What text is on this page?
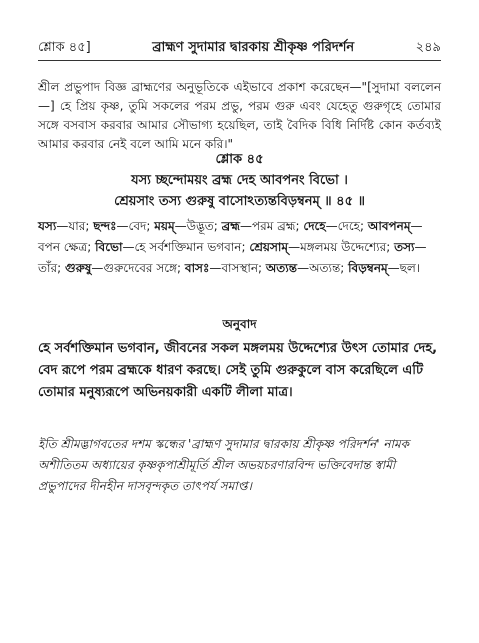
শ্লোক ৪৫]	ব্রাহ্মণ সুদামার দ্বারকায় শ্রীকৃষ্ণ পরিদর্শন	২৪৯
শ্রীল প্রভুপাদ বিজ্ঞ ব্রাহ্মণের অনুভূতিকে এইভাবে প্রকাশ করেছেন—"[সুদামা বললেন—] হে প্রিয় কৃষ্ণ, তুমি সকলের পরম প্রভু, পরম গুরু এবং যেহেতু গুরুগৃহে তোমার সঙ্গে বসবাস করবার আমার সৌভাগ্য হয়েছিল, তাই বৈদিক বিধি নির্দিষ্ট কোন কর্তব্যই আমার করবার নেই বলে আমি মনে করি।"
শ্লোক ৪৫
যস্য চ্ছন্দোময়ং ব্রহ্ম দেহ আবপনং বিভো ।
শ্রেয়সাং তস্য গুরুষু বাসোঽত্যন্তবিড়ম্বনম্ ॥ ৪৫ ॥
যস্য—যার; ছন্দঃ—বেদ; ময়ম্—উদ্ভূত; ব্রহ্ম—পরম ব্রহ্ম; দেহে—দেহে; আবপনম্—বপন ক্ষেত্র; বিভো—হে সর্বশক্তিমান ভগবান; শ্রেয়সাম্—মঙ্গলময় উদ্দেশ্যের; তস্য—তাঁর; গুরুষু—গুরুদেবের সঙ্গে; বাসঃ—বাসস্থান; অত্যন্ত—অত্যন্ত; বিড়ম্বনম্—ছল।
অনুবাদ
হে সর্বশক্তিমান ভগবান, জীবনের সকল মঙ্গলময় উদ্দেশ্যের উৎস তোমার দেহ, বেদ রূপে পরম ব্রহ্মকে ধারণ করছে। সেই তুমি গুরুকুলে বাস করেছিলে এটি তোমার মনুষ্যরূপে অভিনয়কারী একটি লীলা মাত্র।
ইতি শ্রীমদ্ভাগবতের দশম স্কন্ধের 'ব্রাহ্মণ সুদামার দ্বারকায় শ্রীকৃষ্ণ পরিদর্শন' নামক অশীতিতম অধ্যায়ের কৃষ্ণকৃপাশ্রীমূর্তি শ্রীল অভয়চরণারবিন্দ ভক্তিবেদান্ত স্বামী প্রভুপাদের দীনহীন দাসবৃন্দকৃত তাৎপর্য সমাপ্ত।
